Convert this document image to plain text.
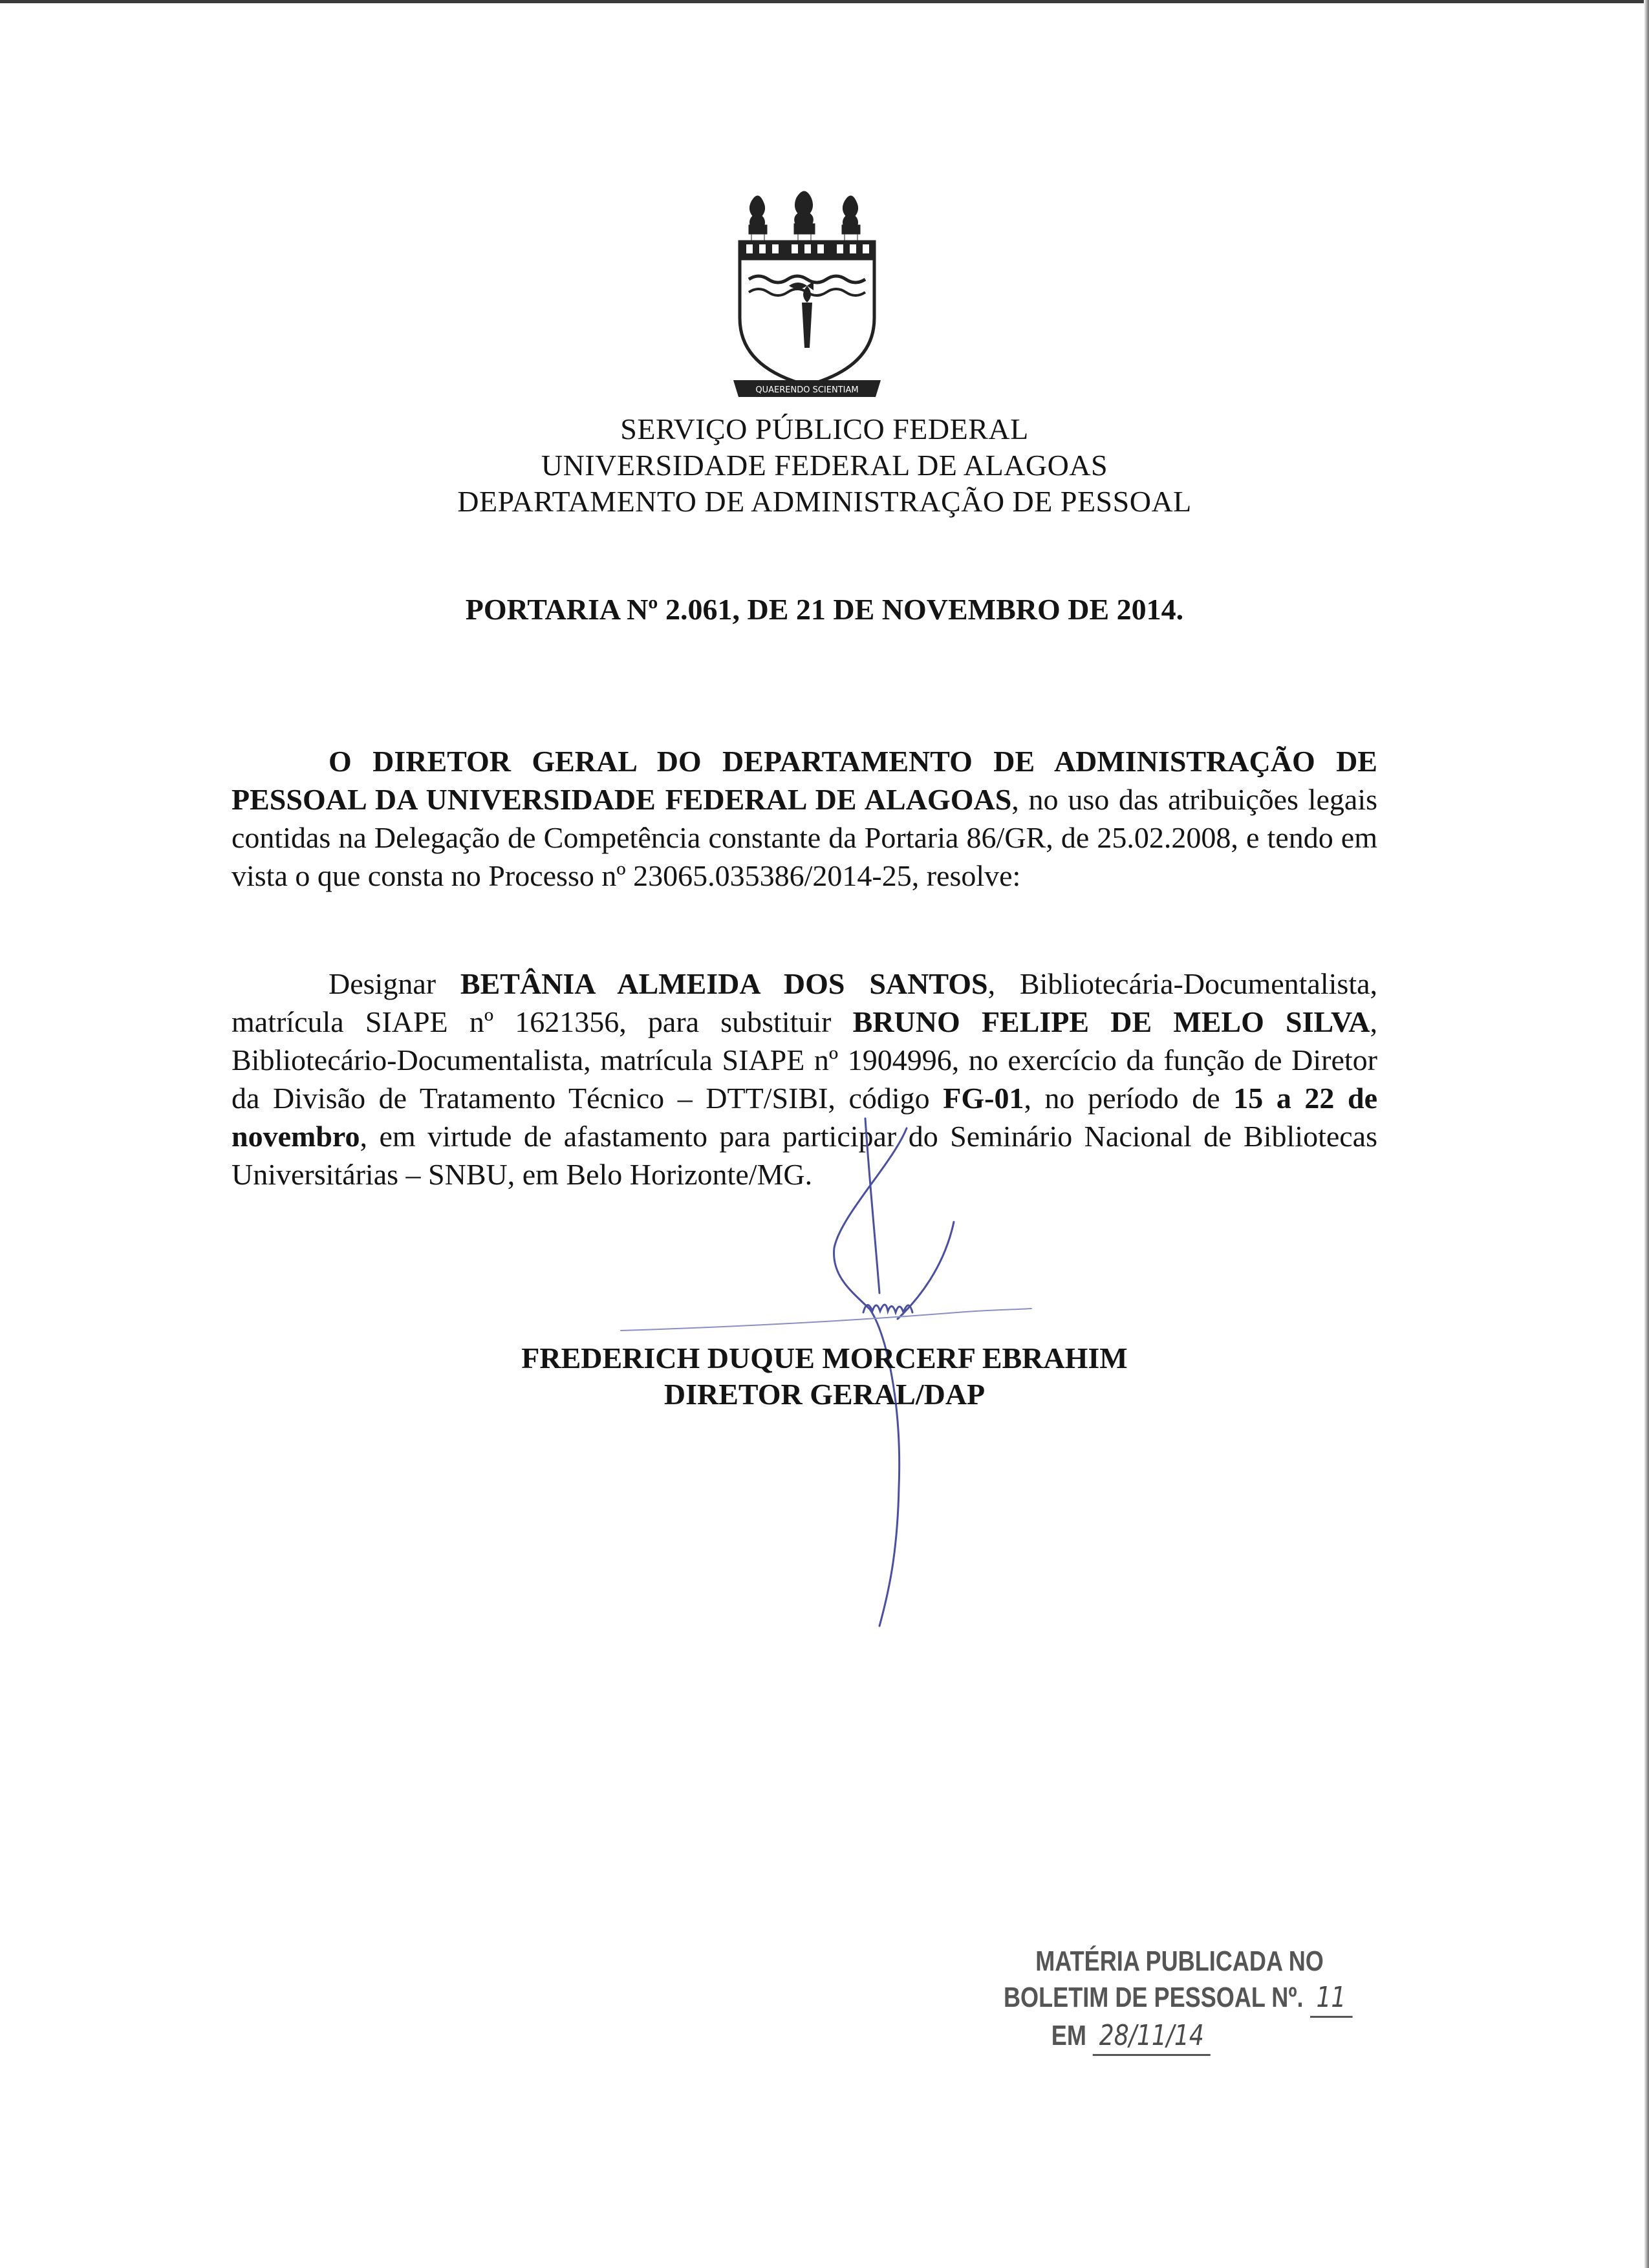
QUAERENDO SCIENTIAM
SERVIÇO PÚBLICO FEDERAL
UNIVERSIDADE FEDERAL DE ALAGOAS
DEPARTAMENTO DE ADMINISTRAÇÃO DE PESSOAL
PORTARIA Nº 2.061, DE 21 DE NOVEMBRO DE 2014.
O DIRETOR GERAL DO DEPARTAMENTO DE ADMINISTRAÇÃO DE PESSOAL DA UNIVERSIDADE FEDERAL DE ALAGOAS, no uso das atribuições legais contidas na Delegação de Competência constante da Portaria 86/GR, de 25.02.2008, e tendo em vista o que consta no Processo nº 23065.035386/2014-25, resolve:
Designar BETÂNIA ALMEIDA DOS SANTOS, Bibliotecária-Documentalista, matrícula SIAPE nº 1621356, para substituir BRUNO FELIPE DE MELO SILVA, Bibliotecário-Documentalista, matrícula SIAPE nº 1904996, no exercício da função de Diretor da Divisão de Tratamento Técnico – DTT/SIBI, código FG-01, no período de 15 a 22 de novembro, em virtude de afastamento para participar do Seminário Nacional de Bibliotecas Universitárias – SNBU, em Belo Horizonte/MG.
Ebrahim
FREDERICH DUQUE MORCERF EBRAHIM
DIRETOR GERAL/DAP
MATÉRIA PUBLICADA NO
BOLETIM DE PESSOAL Nº. 11
EM 28/11/14
